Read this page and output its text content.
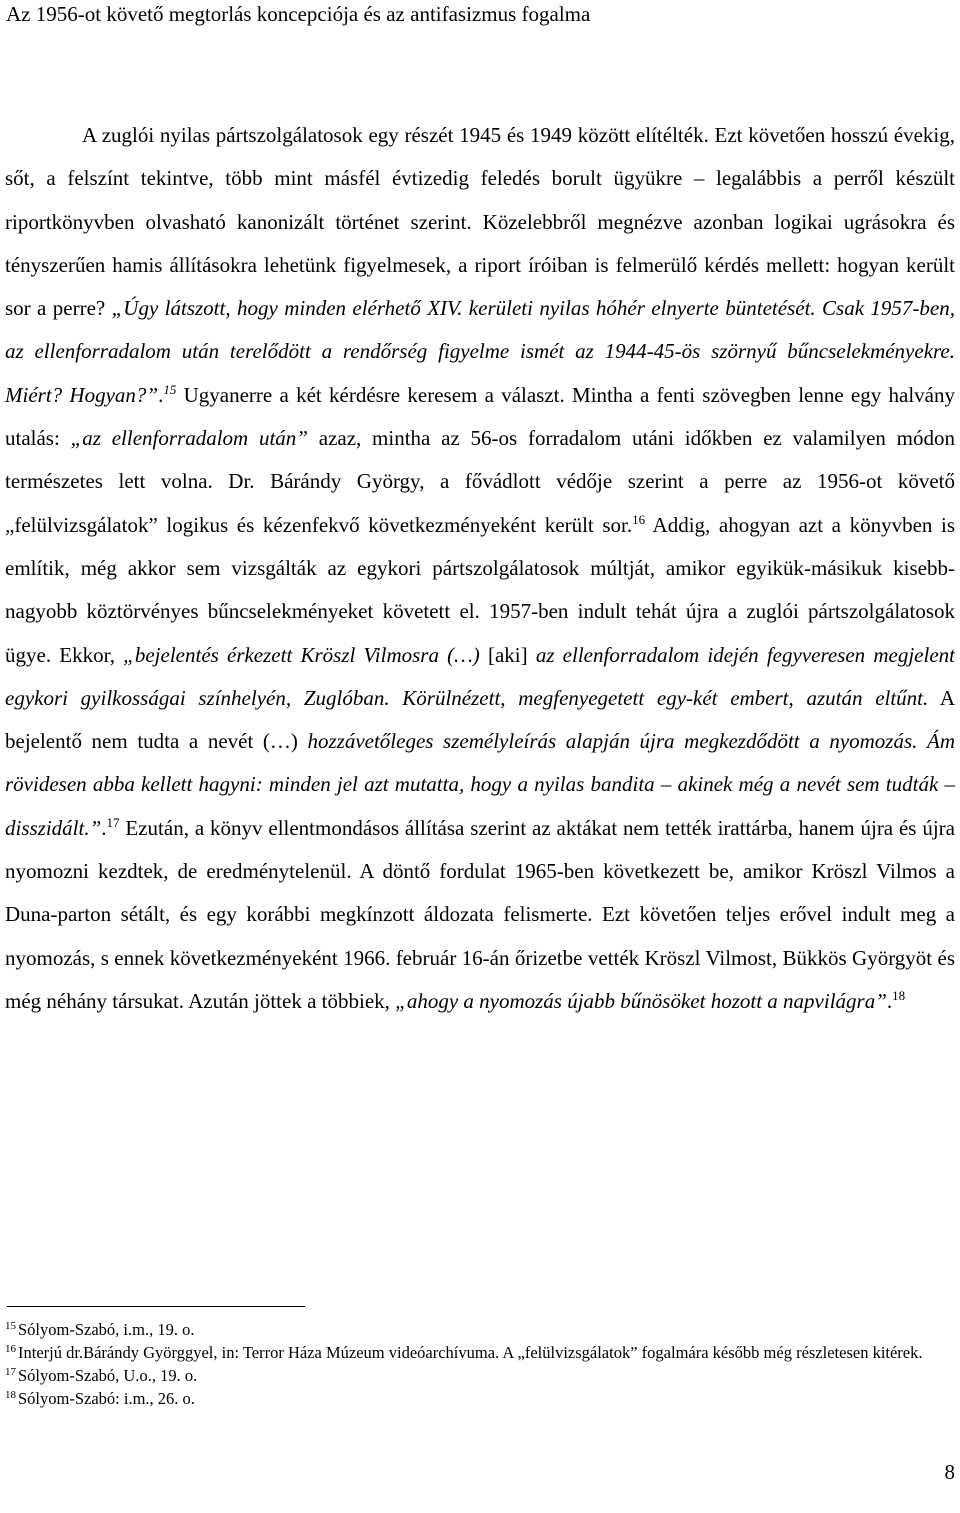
Az 1956-ot követő megtorlás koncepciója és az antifasizmus fogalma

A zuglói nyilas pártszolgálatosok egy részét 1945 és 1949 között elítélték. Ezt követően hosszú évekig, sőt, a felszínt tekintve, több mint másfél évtizedig feledés borult ügyükre – legalábbis a perről készült riportkönyvben olvasható kanonizált történet szerint. Közelebbről megnézve azonban logikai ugrásokra és tényszerűen hamis állításokra lehetünk figyelmesek, a riport íróiban is felmerülő kérdés mellett: hogyan került sor a perre? „Úgy látszott, hogy minden elérhető XIV. kerületi nyilas hóhér elnyerte büntetését. Csak 1957-ben, az ellenforradalom után terelődött a rendőrség figyelme ismét az 1944-45-ös szörnyű bűncselekményekre. Miért? Hogyan?”.$^{15}$ Ugyanerre a két kérdésre keresem a választ. Mintha a fenti szövegben lenne egy halvány utalás: „az ellenforradalom után” azaz, mintha az 56-os forradalom utáni időkben ez valamilyen módon természetes lett volna. Dr. Bárándy György, a fővádlott védője szerint a perre az 1956-ot követő „felülvizsgálatok” logikus és kézenfekvő következményeként került sor.$^{16}$ Addig, ahogyan azt a könyvben is említik, még akkor sem vizsgálták az egykori pártszolgálatosok múltját, amikor egyikük-másikuk kisebb-nagyobb köztörvényes bűncselekményeket követett el. 1957-ben indult tehát újra a zuglói pártszolgálatosok ügye. Ekkor, „bejelentés érkezett Kröszl Vilmosra (…) [aki] az ellenforradalom idején fegyveresen megjelent egykori gyilkosságai színhelyén, Zuglóban. Körülnézett, megfenyegetett egy-két embert, azután eltűnt. A bejelentő nem tudta a nevét (…) hozzávetőleges személyleírás alapján újra megkezdődött a nyomozás. Ám rövidesen abba kellett hagyni: minden jel azt mutatta, hogy a nyilas bandita – akinek még a nevét sem tudták – disszidált.”.$^{17}$ Ezután, a könyv ellentmondásos állítása szerint az aktákat nem tették irattárba, hanem újra és újra nyomozni kezdtek, de eredménytelenül. A döntő fordulat 1965-ben következett be, amikor Kröszl Vilmos a Duna-parton sétált, és egy korábbi megkínzott áldozata felismerte. Ezt követően teljes erővel indult meg a nyomozás, s ennek következményeként 1966. február 16-án őrizetbe vették Kröszl Vilmost, Bükkös Györgyöt és még néhány társukat. Azután jöttek a többiek, „ahogy a nyomozás újabb bűnösöket hozott a napvilágra”.$^{18}$

$^{15}$ Sólyom-Szabó, i.m., 19. o.
$^{16}$ Interjú dr.Bárándy Györggyel, in: Terror Háza Múzeum videóarchívuma. A „felülvizsgálatok” fogalmára később még részletesen kitérek.
$^{17}$ Sólyom-Szabó, U.o., 19. o.
$^{18}$ Sólyom-Szabó: i.m., 26. o.
8
